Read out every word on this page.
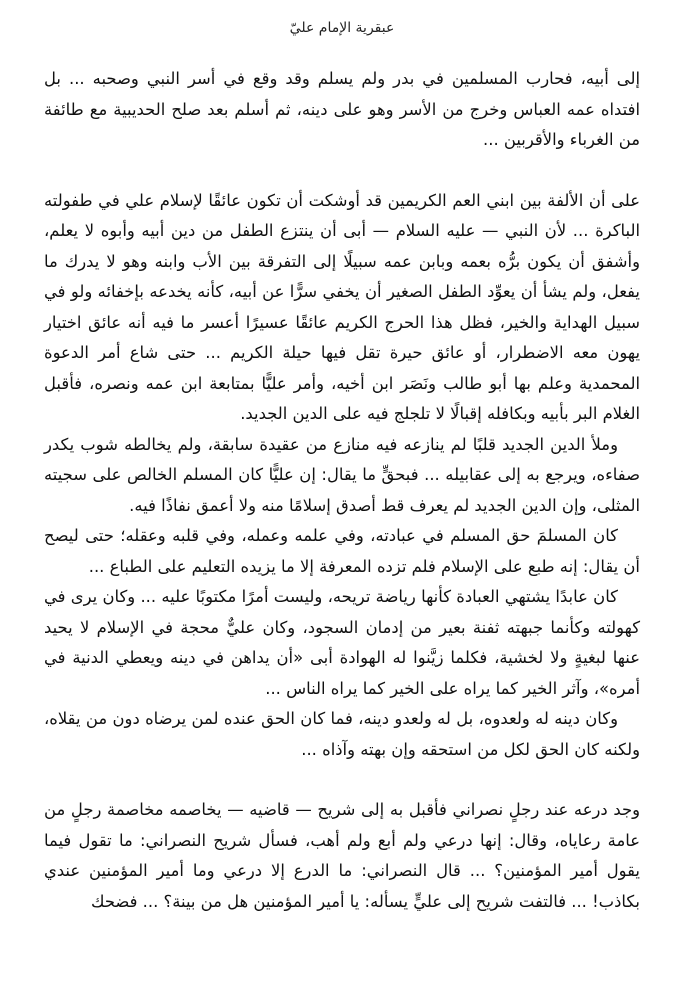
عبقرية الإمام عليّ

إلى أبيه، فحارب المسلمين في بدر ولم يسلم وقد وقع في أسر النبي وصحبه ... بل افتداه عمه العباس وخرج من الأسر وهو على دينه، ثم أسلم بعد صلح الحديبية مع طائفة من الغرباء والأقربين ...

على أن الألفة بين ابني العم الكريمين قد أوشكت أن تكون عائقًا لإسلام علي في طفولته الباكرة ... لأن النبي — عليه السلام — أبى أن ينتزع الطفل من دين أبيه وأبوه لا يعلم، وأشفق أن يكون برُّه بعمه وبابن عمه سبيلًا إلى التفرقة بين الأب وابنه وهو لا يدرك ما يفعل، ولم يشأ أن يعوِّد الطفل الصغير أن يخفي سرًّا عن أبيه، كأنه يخدعه بإخفائه ولو في سبيل الهداية والخير، فظل هذا الحرج الكريم عائقًا عسيرًا أعسر ما فيه أنه عائق اختيار يهون معه الاضطرار، أو عائق حيرة تقل فيها حيلة الكريم ... حتى شاع أمر الدعوة المحمدية وعلم بها أبو طالب ونَصَر ابن أخيه، وأمر عليًّا بمتابعة ابن عمه ونصره، فأقبل الغلام البر بأبيه وبكافله إقبالًا لا تلجلج فيه على الدين الجديد.

وملأ الدين الجديد قلبًا لم ينازعه فيه منازع من عقيدة سابقة، ولم يخالطه شوب يكدر صفاءه، ويرجع به إلى عقابيله ... فبحقٍّ ما يقال: إن عليًّا كان المسلم الخالص على سجيته المثلى، وإن الدين الجديد لم يعرف قط أصدق إسلامًا منه ولا أعمق نفاذًا فيه.

كان المسلمَ حق المسلم في عبادته، وفي علمه وعمله، وفي قلبه وعقله؛ حتى ليصح أن يقال: إنه طبع على الإسلام فلم تزده المعرفة إلا ما يزيده التعليم على الطباع ...

كان عابدًا يشتهي العبادة كأنها رياضة تريحه، وليست أمرًا مكتوبًا عليه ... وكان يرى في كهولته وكأنما جبهته ثفنة بعير من إدمان السجود، وكان عليٌّ محجة في الإسلام لا يحيد عنها لبغيةٍ ولا لخشية، فكلما زيَّنوا له الهوادة أبى «أن يداهن في دينه ويعطي الدنية في أمره»، وآثر الخير كما يراه على الخير كما يراه الناس ...

وكان دينه له ولعدوه، بل له ولعدو دينه، فما كان الحق عنده لمن يرضاه دون من يقلاه، ولكنه كان الحق لكل من استحقه وإن بهته وآذاه ...

وجد درعه عند رجلٍ نصراني فأقبل به إلى شريح — قاضيه — يخاصمه مخاصمة رجلٍ من عامة رعاياه، وقال: إنها درعي ولم أبع ولم أهب، فسأل شريح النصراني: ما تقول فيما يقول أمير المؤمنين؟ ... قال النصراني: ما الدرع إلا درعي وما أمير المؤمنين عندي بكاذب! ... فالتفت شريح إلى عليٍّ يسأله: يا أمير المؤمنين هل من بينة؟ ... فضحك
